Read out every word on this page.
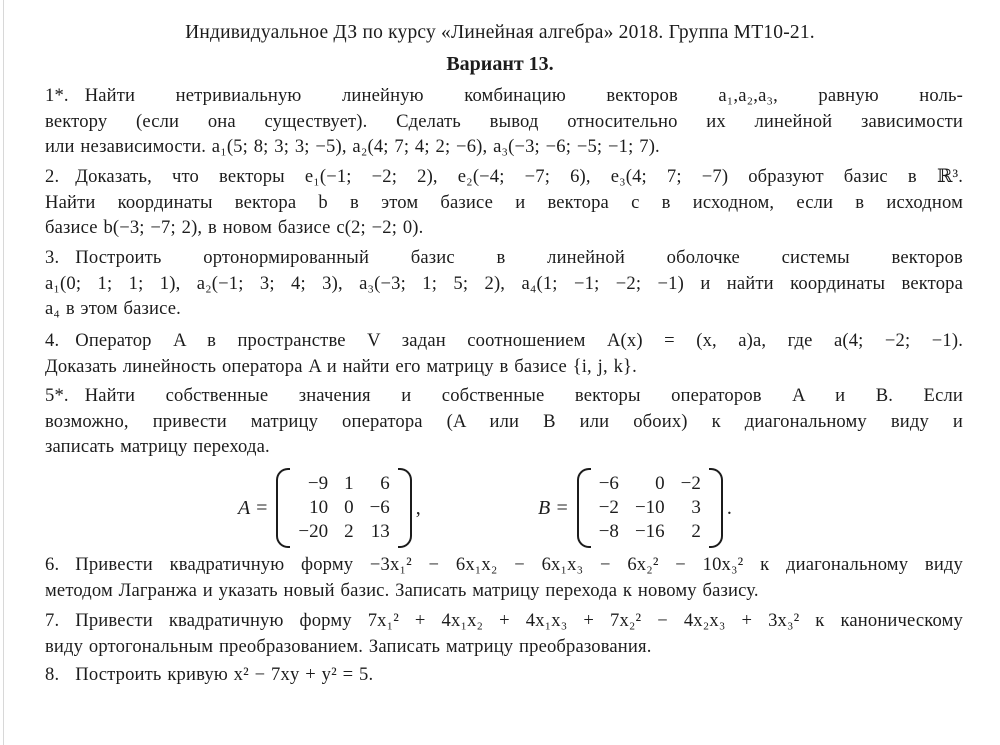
Индивидуальное ДЗ по курсу «Линейная алгебра» 2018. Группа МТ10-21.
Вариант 13.
1*. Найти нетривиальную линейную комбинацию векторов a₁,a₂,a₃, равную ноль-
вектору (если она существует). Сделать вывод относительно их линейной зависимости
или независимости. a₁(5; 8; 3; 3; −5), a₂(4; 7; 4; 2; −6), a₃(−3; −6; −5; −1; 7).
2. Доказать, что векторы e₁(−1; −2; 2), e₂(−4; −7; 6), e₃(4; 7; −7) образуют базис в ℝ³.
Найти координаты вектора b в этом базисе и вектора c в исходном, если в исходном
базисе b(−3; −7; 2), в новом базисе c(2; −2; 0).
3. Построить ортонормированный базис в линейной оболочке системы векторов
a₁(0; 1; 1; 1), a₂(−1; 3; 4; 3), a₃(−3; 1; 5; 2), a₄(1; −1; −2; −1) и найти координаты вектора
a₄ в этом базисе.
4. Оператор A в пространстве V задан соотношением A(x) = (x, a)a, где a(4; −2; −1).
Доказать линейность оператора A и найти его матрицу в базисе {i, j, k}.
5*. Найти собственные значения и собственные векторы операторов A и B. Если
возможно, привести матрицу оператора (A или B или обоих) к диагональному виду и
записать матрицу перехода.
A =
−9	1	6
10	0	−6
−20	2	13
,	B =
−6	0	−2
−2	−10	3
−8	−16	2
.
6. Привести квадратичную форму −3x₁² − 6x₁x₂ − 6x₁x₃ − 6x₂² − 10x₃² к диагональному виду
методом Лагранжа и указать новый базис. Записать матрицу перехода к новому базису.
7. Привести квадратичную форму 7x₁² + 4x₁x₂ + 4x₁x₃ + 7x₂² − 4x₂x₃ + 3x₃² к каноническому
виду ортогональным преобразованием. Записать матрицу преобразования.
8. Построить кривую x² − 7xy + y² = 5.
